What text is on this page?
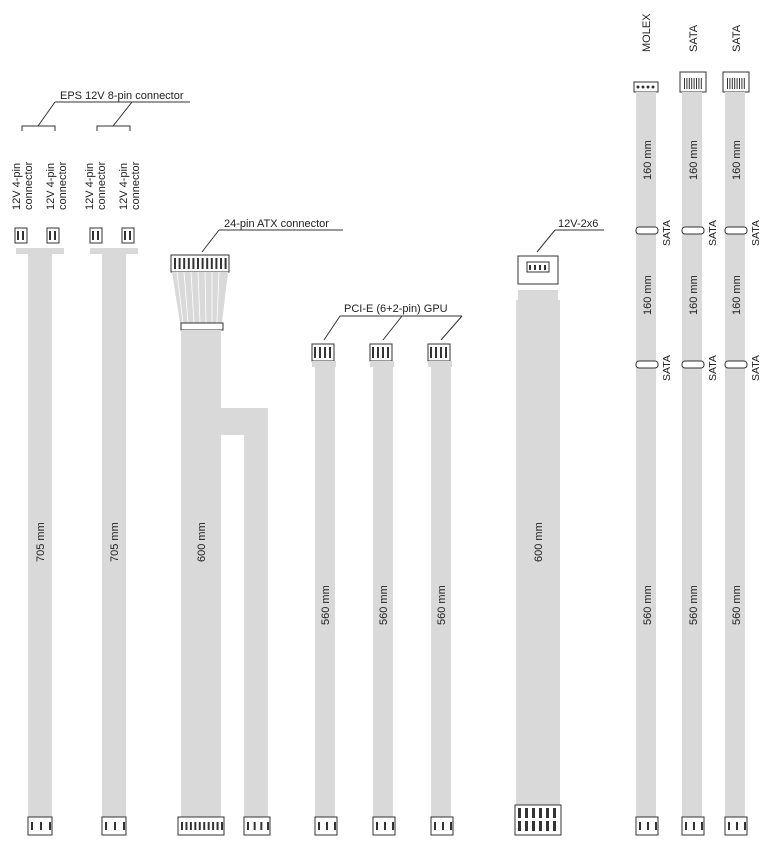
EPS 12V 8-pin connector
12V 4-pin connector 12V 4-pin connector 12V 4-pin connector 12V 4-pin connector
705 mm	705 mm
24-pin ATX connector
600 mm
PCI-E (6+2-pin) GPU
560 mm	560 mm	560 mm
12V-2x6
600 mm
MOLEX	SATA	SATA
160 mm
160 mm
560 mm
SATA
SATA
160 mm
160 mm
560 mm
SATA
SATA
160 mm
160 mm
560 mm
SATA
SATA
